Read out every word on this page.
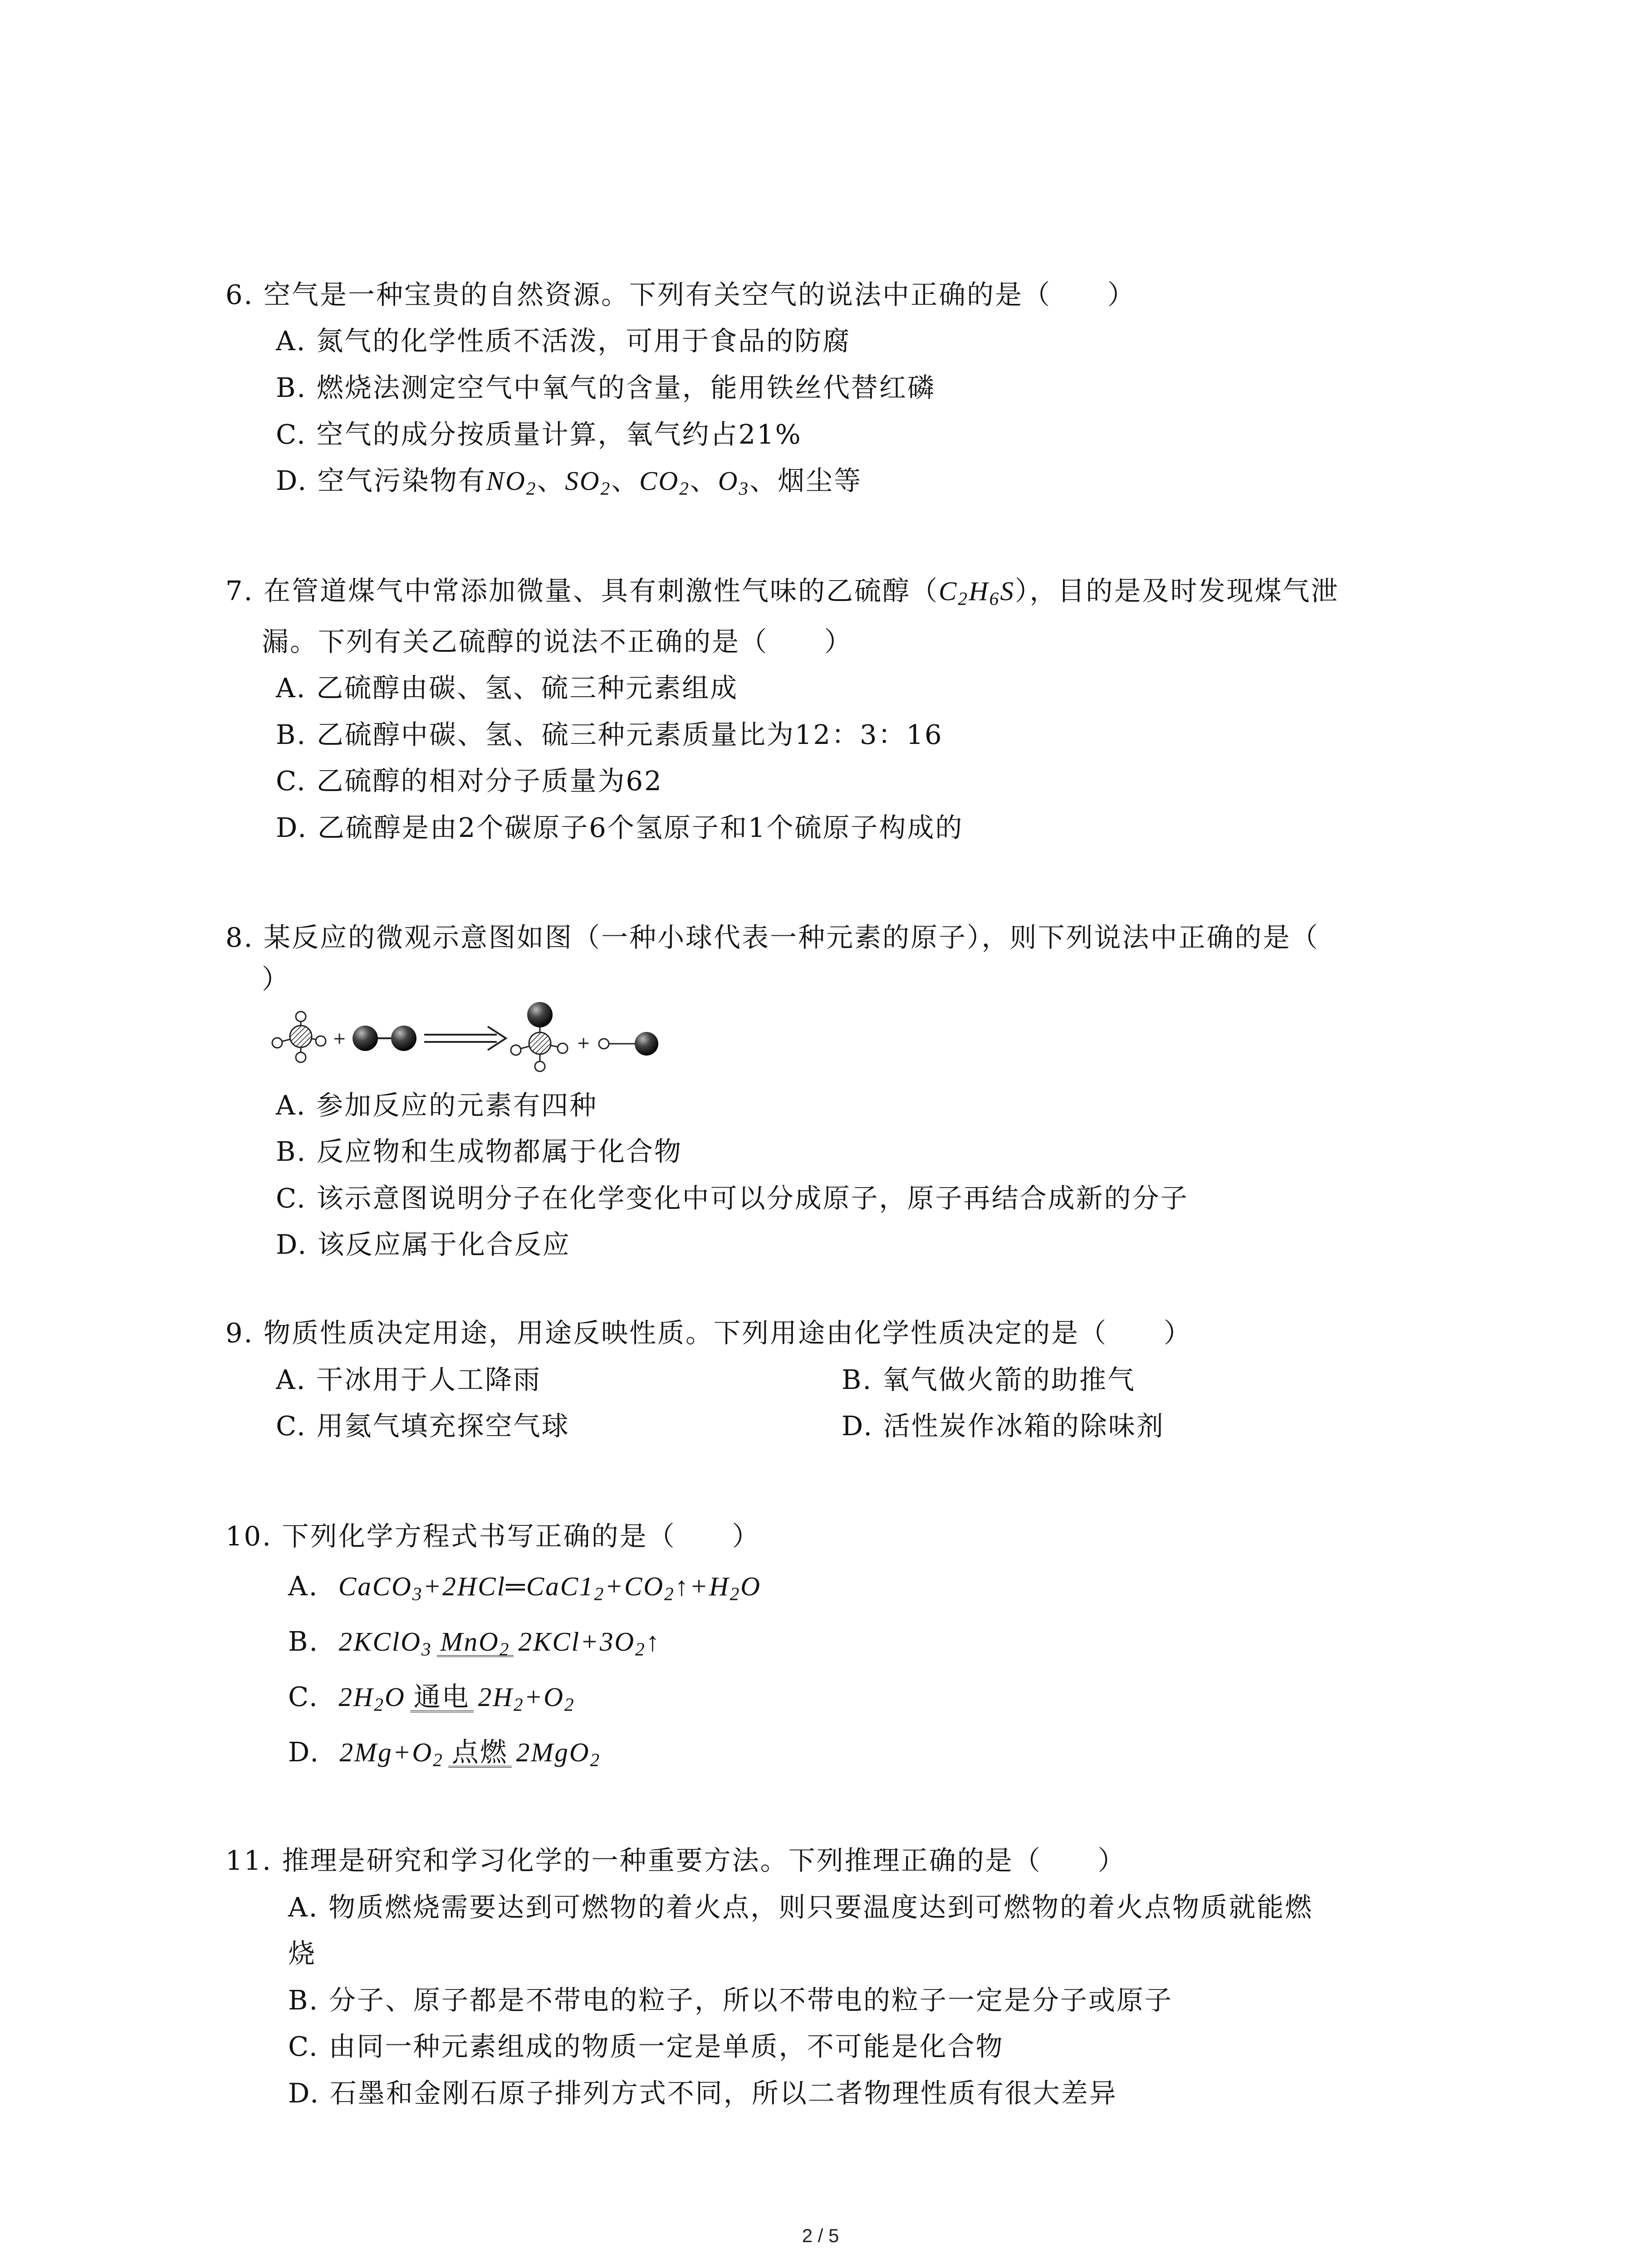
6. 空气是一种宝贵的自然资源。下列有关空气的说法中正确的是（　　）
A. 氮气的化学性质不活泼，可用于食品的防腐
B. 燃烧法测定空气中氧气的含量，能用铁丝代替红磷
C. 空气的成分按质量计算，氧气约占21%
D. 空气污染物有$NO_2$、$SO_2$、$CO_2$、$O_3$、烟尘等
7. 在管道煤气中常添加微量、具有刺激性气味的乙硫醇$(C_2H_6S)$，目的是及时发现煤气泄
漏。下列有关乙硫醇的说法不正确的是（　　）
A. 乙硫醇由碳、氢、硫三种元素组成
B. 乙硫醇中碳、氢、硫三种元素质量比为12：3：16
C. 乙硫醇的相对分子质量为62
D. 乙硫醇是由2个碳原子6个氢原子和1个硫原子构成的
8. 某反应的微观示意图如图（一种小球代表一种元素的原子），则下列说法中正确的是（
）
+	+
A. 参加反应的元素有四种
B. 反应物和生成物都属于化合物
C. 该示意图说明分子在化学变化中可以分成原子，原子再结合成新的分子
D. 该反应属于化合反应
9. 物质性质决定用途，用途反映性质。下列用途由化学性质决定的是（　　）
A. 干冰用于人工降雨	B. 氧气做火箭的助推气
C. 用氦气填充探空气球	D. 活性炭作冰箱的除味剂
10. 下列化学方程式书写正确的是（　　）
A. $CaCO_3+2HCl═CaC1_2+CO_2↑+H_2O$
B. 2KClO$_3$ MnO$_2$ $2KCl+3O_2↑$
C. $2H_2O$ 通电 $2H_2+O_2$
D. $2Mg+O_2$ 点燃 2MgO$_2$
11. 推理是研究和学习化学的一种重要方法。下列推理正确的是（　　）
A. 物质燃烧需要达到可燃物的着火点，则只要温度达到可燃物的着火点物质就能燃
烧
B. 分子、原子都是不带电的粒子，所以不带电的粒子一定是分子或原子
C. 由同一种元素组成的物质一定是单质，不可能是化合物
D. 石墨和金刚石原子排列方式不同，所以二者物理性质有很大差异
2 / 5
